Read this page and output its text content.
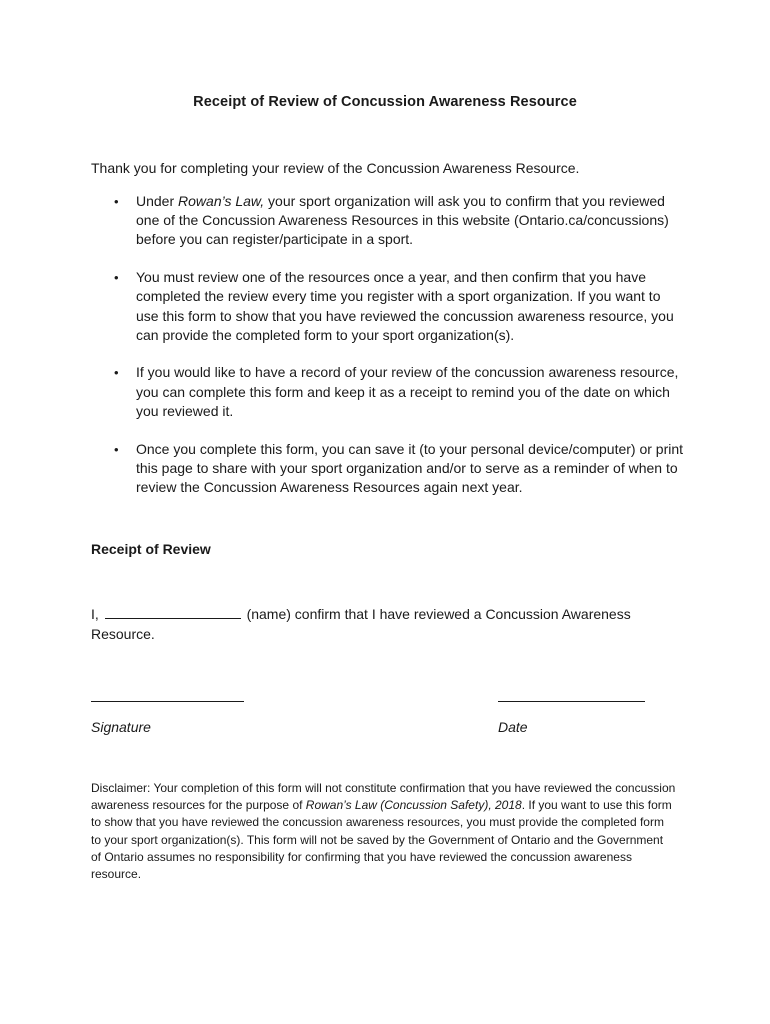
Receipt of Review of Concussion Awareness Resource
Thank you for completing your review of the Concussion Awareness Resource.
• Under Rowan’s Law, your sport organization will ask you to confirm that you reviewed one of the Concussion Awareness Resources in this website (Ontario.ca/concussions) before you can register/participate in a sport.
• You must review one of the resources once a year, and then confirm that you have completed the review every time you register with a sport organization. If you want to use this form to show that you have reviewed the concussion awareness resource, you can provide the completed form to your sport organization(s).
• If you would like to have a record of your review of the concussion awareness resource, you can complete this form and keep it as a receipt to remind you of the date on which you reviewed it.
• Once you complete this form, you can save it (to your personal device/computer) or print this page to share with your sport organization and/or to serve as a reminder of when to review the Concussion Awareness Resources again next year.
Receipt of Review
I,	(name) confirm that I have reviewed a Concussion Awareness Resource.
Signature	Date
Disclaimer: Your completion of this form will not constitute confirmation that you have reviewed the concussion awareness resources for the purpose of Rowan’s Law (Concussion Safety), 2018. If you want to use this form to show that you have reviewed the concussion awareness resources, you must provide the completed form to your sport organization(s). This form will not be saved by the Government of Ontario and the Government of Ontario assumes no responsibility for confirming that you have reviewed the concussion awareness resource.
